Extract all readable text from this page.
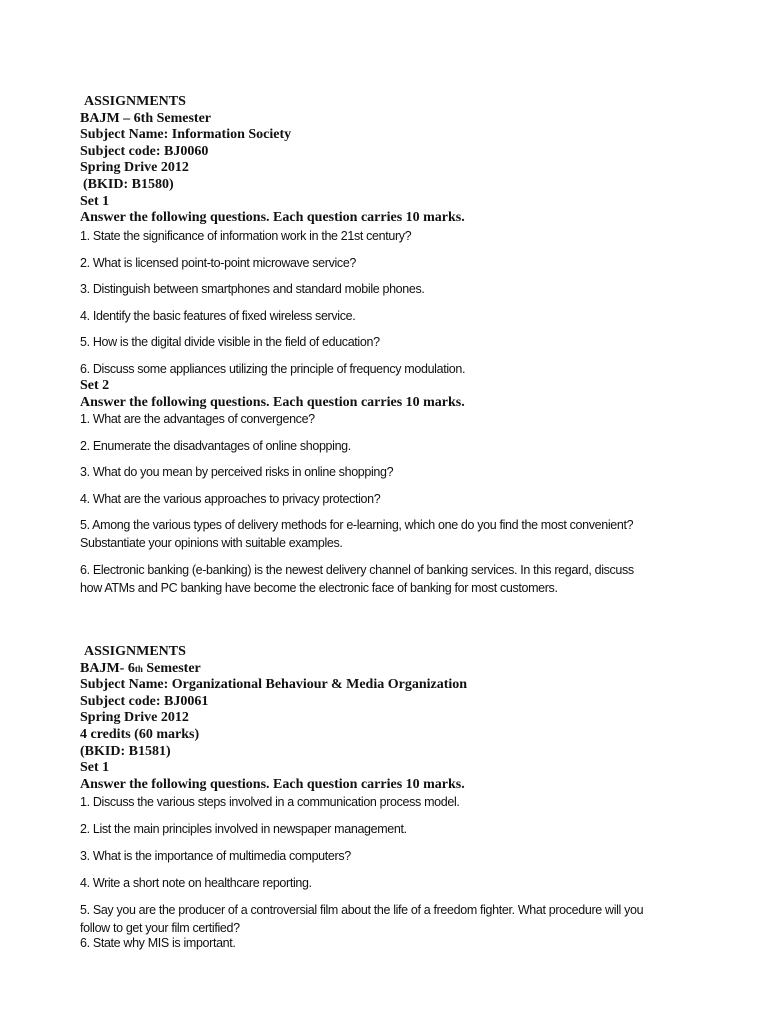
ASSIGNMENTS

BAJM – 6th Semester

Subject Name: Information Society

Subject code: BJ0060

Spring Drive 2012

(BKID: B1580)

Set 1

Answer the following questions. Each question carries 10 marks.

1. State the significance of information work in the 21st century?

2. What is licensed point-to-point microwave service?

3. Distinguish between smartphones and standard mobile phones.

4. Identify the basic features of fixed wireless service.

5. How is the digital divide visible in the field of education?

6. Discuss some appliances utilizing the principle of frequency modulation.

Set 2

Answer the following questions. Each question carries 10 marks.

1. What are the advantages of convergence?

2. Enumerate the disadvantages of online shopping.

3. What do you mean by perceived risks in online shopping?

4. What are the various approaches to privacy protection?

5. Among the various types of delivery methods for e-learning, which one do you find the most convenient?
Substantiate your opinions with suitable examples.
6. Electronic banking (e-banking) is the newest delivery channel of banking services. In this regard, discuss
how ATMs and PC banking have become the electronic face of banking for most customers.

ASSIGNMENTS

BAJM- 6th Semester

Subject Name: Organizational Behaviour & Media Organization

Subject code: BJ0061

Spring Drive 2012

4 credits (60 marks)

(BKID: B1581)

Set 1

Answer the following questions. Each question carries 10 marks.

1. Discuss the various steps involved in a communication process model.

2. List the main principles involved in newspaper management.

3. What is the importance of multimedia computers?

4. Write a short note on healthcare reporting.

5. Say you are the producer of a controversial film about the life of a freedom fighter. What procedure will you
follow to get your film certified?

6. State why MIS is important.
